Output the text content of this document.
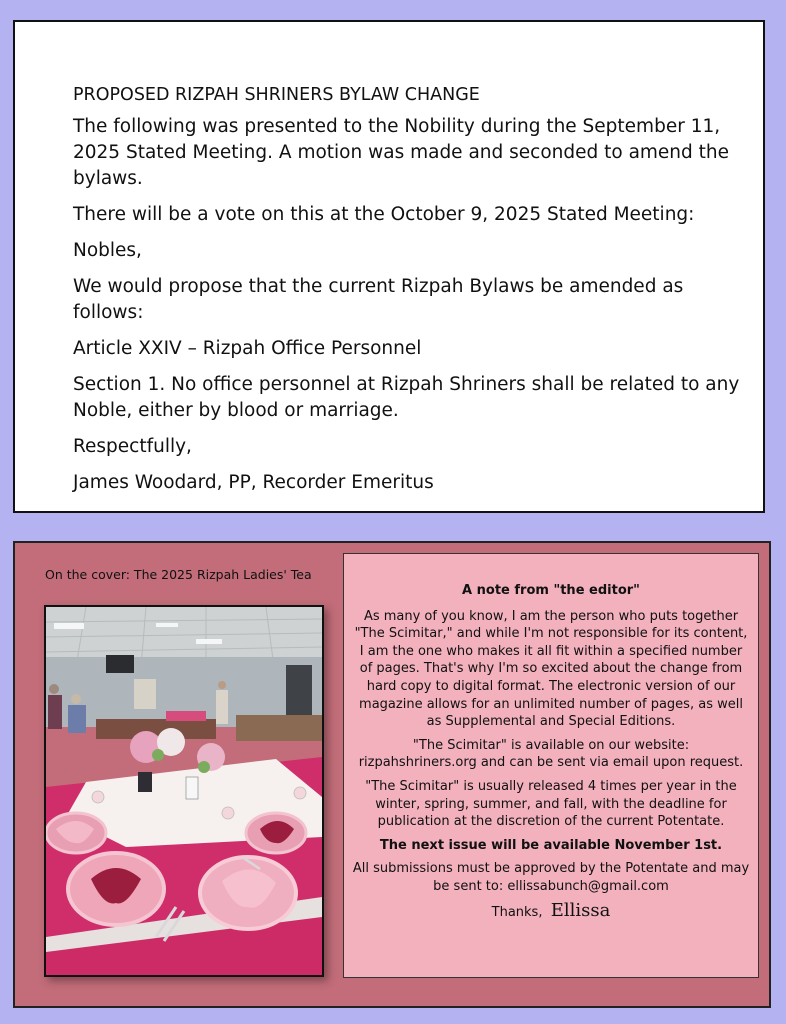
PROPOSED RIZPAH SHRINERS BYLAW CHANGE

The following was presented to the Nobility during the September 11, 2025 Stated Meeting. A motion was made and seconded to amend the bylaws.

There will be a vote on this at the October 9, 2025 Stated Meeting:

Nobles,

We would propose that the current Rizpah Bylaws be amended as follows:

Article XXIV – Rizpah Office Personnel

Section 1. No office personnel at Rizpah Shriners shall be related to any Noble, either by blood or marriage.

Respectfully,

James Woodard, PP, Recorder Emeritus

On the cover: The 2025 Rizpah Ladies' Tea

A note from "the editor"

As many of you know, I am the person who puts together "The Scimitar," and while I'm not responsible for its content, I am the one who makes it all fit within a specified number of pages. That's why I'm so excited about the change from hard copy to digital format. The electronic version of our magazine allows for an unlimited number of pages, as well as Supplemental and Special Editions.

"The Scimitar" is available on our website: rizpahshriners.org and can be sent via email upon request.

"The Scimitar" is usually released 4 times per year in the winter, spring, summer, and fall, with the deadline for publication at the discretion of the current Potentate.

The next issue will be available November 1st.

All submissions must be approved by the Potentate and may be sent to: ellissabunch@gmail.com

Thanks, Ellissa
